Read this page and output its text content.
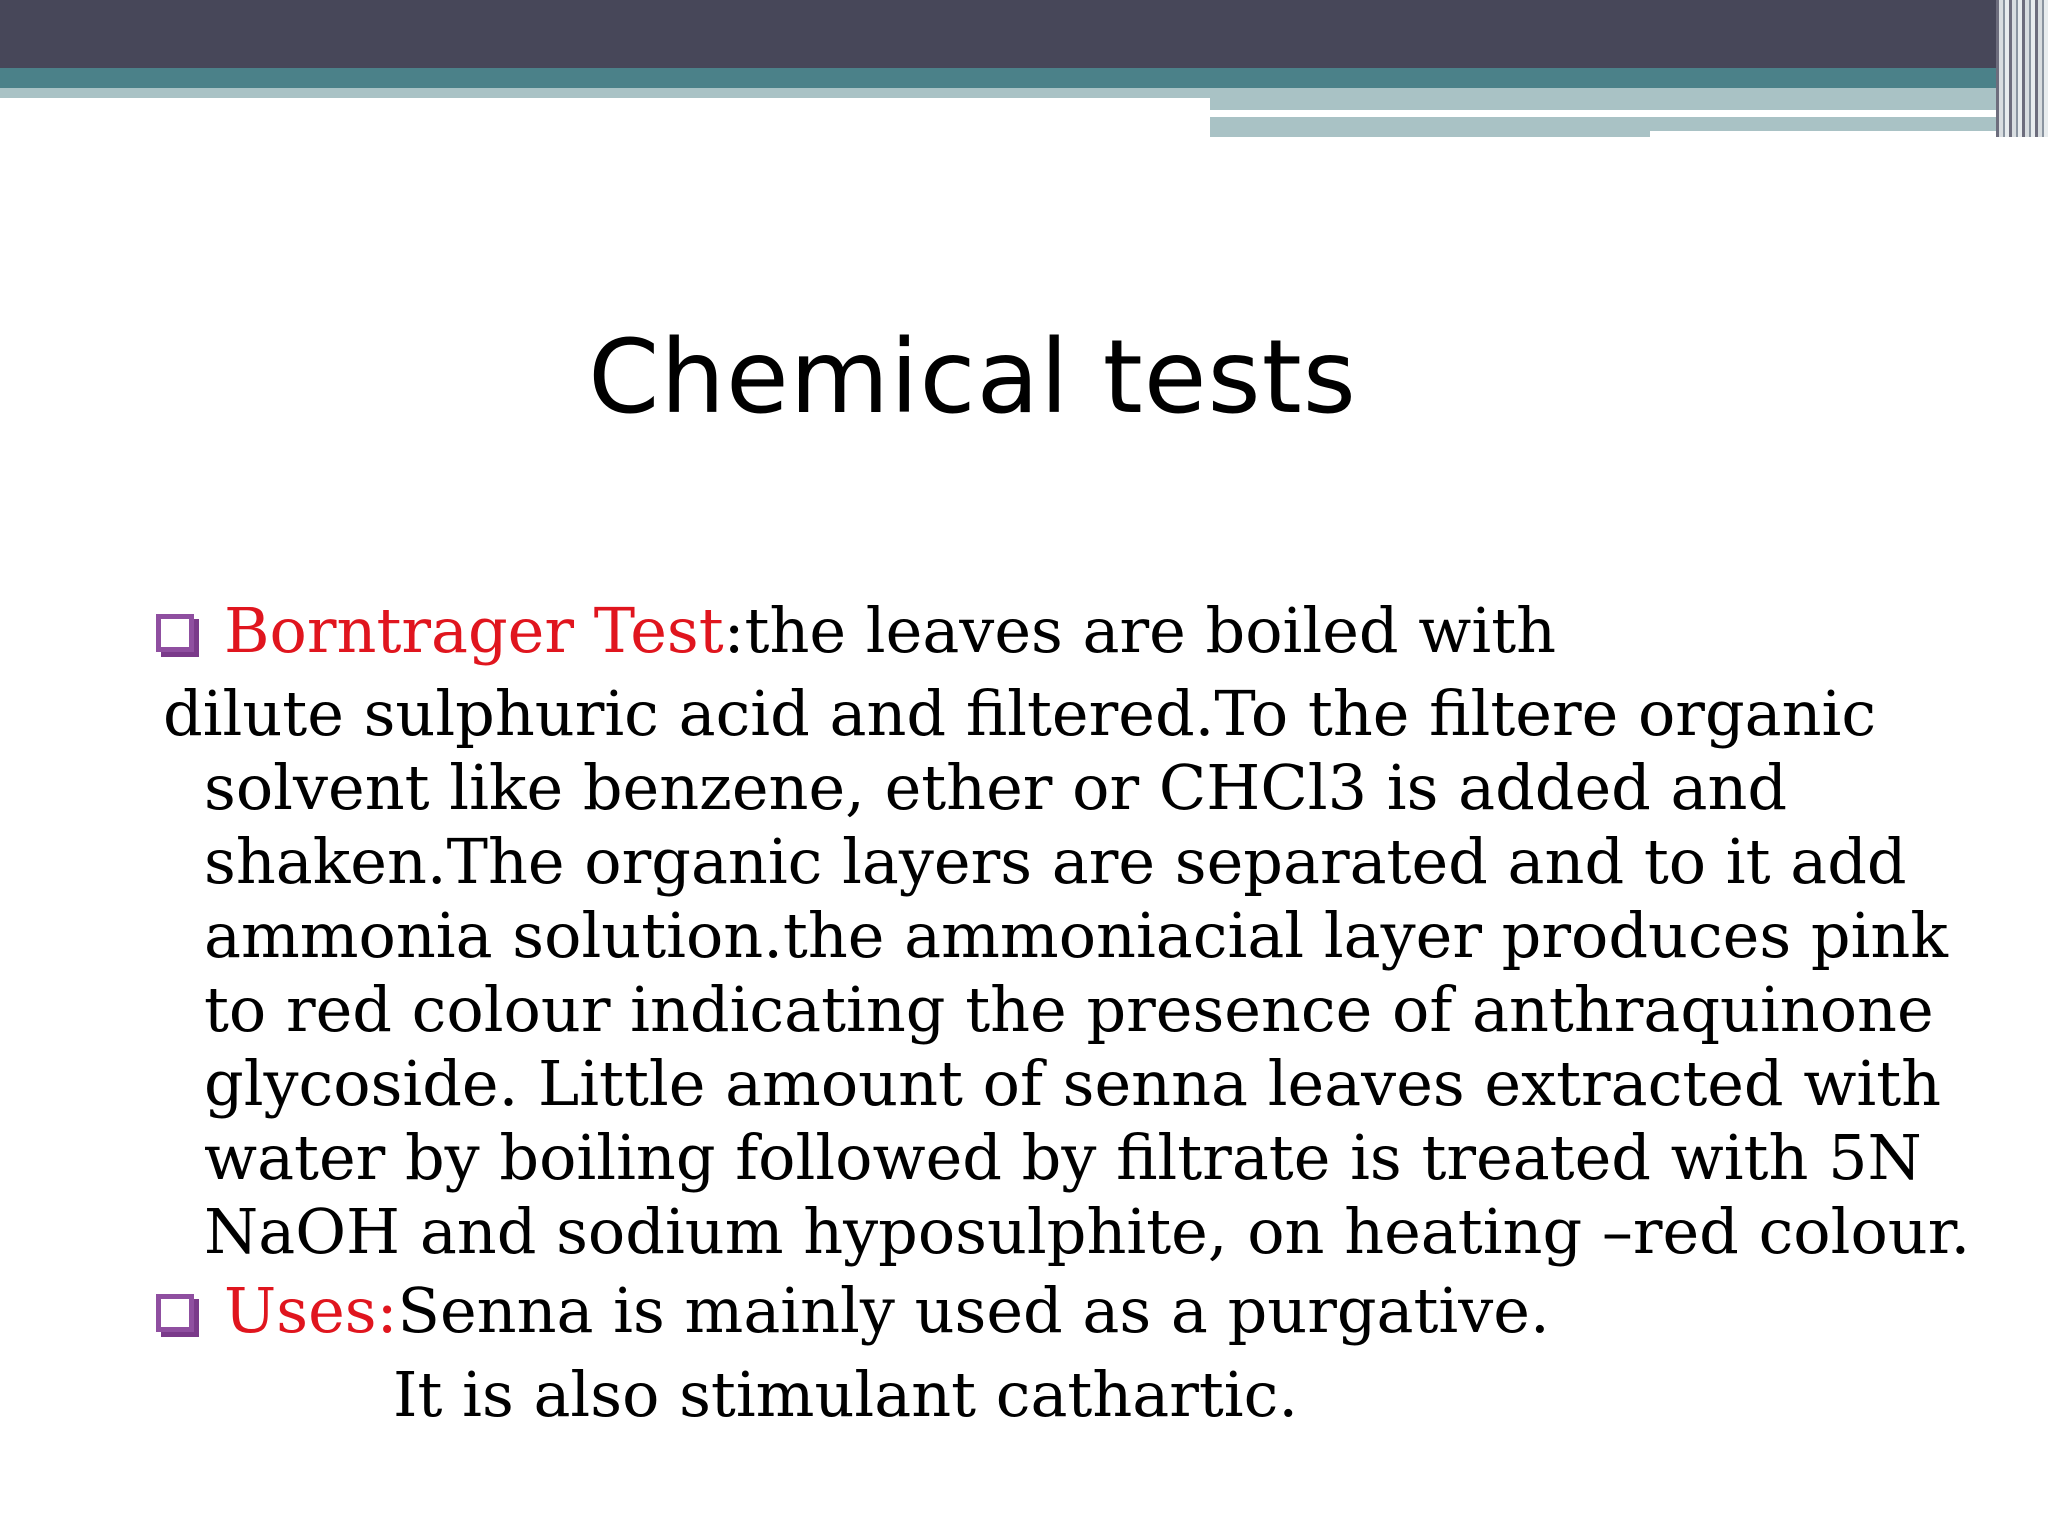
Chemical tests
Borntrager Test:the leaves are boiled with
dilute sulphuric acid and filtered.To the filtere organic
solvent like benzene, ether or CHCl3 is added and
shaken.The organic layers are separated and to it add
ammonia solution.the ammoniacial layer produces pink
to red colour indicating the presence of anthraquinone
glycoside. Little amount of senna leaves extracted with
water by boiling followed by filtrate is treated with 5N
NaOH and sodium hyposulphite, on heating –red colour.
Uses:Senna is mainly used as a purgative.
It is also stimulant cathartic.
